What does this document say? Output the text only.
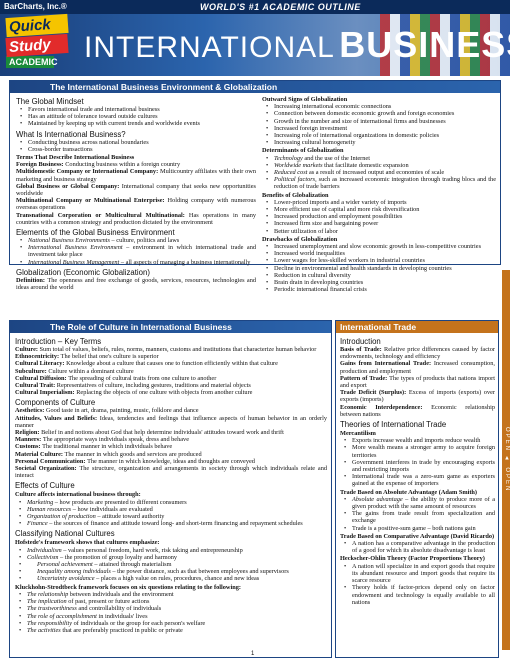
BarCharts, Inc.®	WORLD'S #1 ACADEMIC OUTLINE
Quick
Study
ACADEMIC INTERNATIONAL BUSINESS
The International Business Environment & Globalization
The Global Mindset
• Favors international trade and international business
• Has an attitude of tolerance toward outside cultures
• Maintained by keeping up with current trends and worldwide events
What Is International Business?
• Conducting business across national boundaries
• Cross-border transactions
Terms That Describe International Business
Foreign Business: Conducting business within a foreign country
Multidomestic Company or International Company: Multicountry affiliates with their own marketing and business strategy
Global Business or Global Company: International company that seeks new opportunities worldwide
Multinational Company or Multinational Enterprise: Holding company with numerous overseas operations
Transnational Corporation or Multicultural Multinational: Has operations in many countries with a common strategy and production dictated by the environment
Elements of the Global Business Environment
• National Business Environments – culture, politics and laws
• International Business Environment – environment in which international trade and investment take place
• International Business Management – all aspects of managing a business internationally
Globalization (Economic Globalization)
Definition: The openness and free exchange of goods, services, resources, technologies and ideas around the world
Outward Signs of Globalization
• Increasing international economic connections
• Connection between domestic economic growth and foreign economies
• Growth in the number and size of international firms and businesses
• Increased foreign investment
• Increasing role of international organizations in domestic policies
• Increasing cultural homogeneity
Determinants of Globalization
• Technology and the use of the Internet
• Worldwide markets that facilitate domestic expansion
• Reduced cost as a result of increased output and economies of scale
• Political factors, such as increased economic integration through trading blocs and the reduction of trade barriers
Benefits of Globalization
• Lower-priced imports and a wider variety of imports
• More efficient use of capital and more risk diversification
• Increased production and employment possibilities
• Increased firm size and bargaining power
• Better utilization of labor
Drawbacks of Globalization
• Increased unemployment and slow economic growth in less-competitive countries
• Increased world inequalities
• Lower wages for less-skilled workers in industrial countries
• Decline in environmental and health standards in developing countries
• Reduction in cultural diversity
• Brain drain in developing countries
• Periodic international financial crisis
The Role of Culture in International Business
Introduction – Key Terms
Culture: Sum total of values, beliefs, rules, norms, manners, customs and institutions that characterize human behavior
Ethnocentricity: The belief that one's culture is superior
Cultural Literacy: Knowledge about a culture that causes one to function efficiently within that culture
Subculture: Culture within a dominant culture
Cultural Diffusion: The spreading of cultural traits from one culture to another
Cultural Trait: Representatives of culture, including gestures, traditions and material objects
Cultural Imperialism: Replacing the objects of one culture with objects from another culture
Components of Culture
Aesthetics: Good taste in art, drama, painting, music, folklore and dance
Attitudes, Values and Beliefs: Ideas, tendencies and feelings that influence aspects of human behavior in an orderly manner
Religion: Belief in and notions about God that help determine individuals' attitudes toward work and thrift
Manners: The appropriate ways individuals speak, dress and behave
Customs: The traditional manner in which individuals behave
Material Culture: The manner in which goods and services are produced
Personal Communication: The manner in which knowledge, ideas and thoughts are conveyed
Societal Organization: The structure, organization and arrangements in society through which individuals relate and interact
Effects of Culture
Culture affects international business through:
• Marketing – how products are presented to different consumers
• Human resources – how individuals are evaluated
• Organization of production – attitude toward authority
• Finance – the sources of finance and attitude toward long- and short-term financing and repayment schedules
Classifying National Cultures
Hofstede's framework shows that cultures emphasize:
• Individualism – values personal freedom, hard work, risk taking and entrepreneurship
• Collectivism – the promotion of group loyalty and harmony
• Personal achievement – attained through materialism
• Inequality among individuals – the power distance, such as that between employees and supervisors
• Uncertainty avoidance – places a high value on rules, procedures, chance and new ideas
Kluckhohn-Strodtbeck framework focuses on six questions relating to the following:
• The relationship between individuals and the environment
• The implication of past, present or future actions
• The trustworthiness and controllability of individuals
• The role of accomplishment in individuals' lives
• The responsibility of individuals or the group for each person's welfare
• The activities that are preferably practiced in public or private
International Trade
Introduction
Basis of Trade: Relative price differences caused by factor endowments, technology and efficiency
Gains from International Trade: Increased consumption, production and employment
Pattern of Trade: The types of products that nations import and export
Trade Deficit (Surplus): Excess of imports (exports) over exports (imports)
Economic Interdependence: Economic relationship between nations
Theories of International Trade
Mercantilism
• Exports increase wealth and imports reduce wealth
• More wealth means a stronger army to acquire foreign territories
• Government interferes in trade by encouraging exports and restricting imports
• International trade was a zero-sum game as exporters gained at the expense of importers
Trade Based on Absolute Advantage (Adam Smith)
• Absolute advantage – the ability to produce more of a given product with the same amount of resources
• The gains from trade result from specialization and exchange
• Trade is a positive-sum game – both nations gain
Trade Based on Comparative Advantage (David Ricardo)
• A nation has a comparative advantage in the production of a good for which its absolute disadvantage is least
Heckscher-Ohlin Theory (Factor Proportions Theory)
• A nation will specialize in and export goods that require its abundant resource and import goods that require its scarce resource
• Theory holds if factor-prices depend only on factor endowment and technology is equally available to all nations
OPEN ▲ OPEN
1
